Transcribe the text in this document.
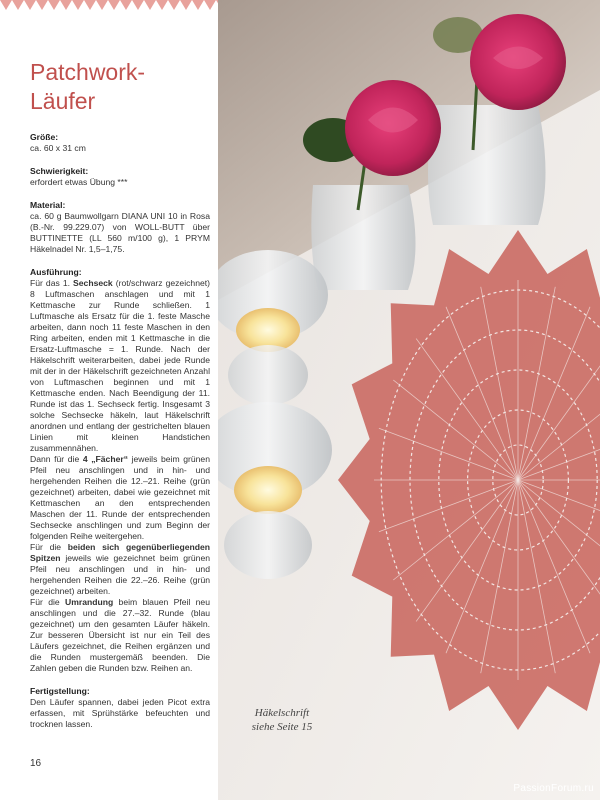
Patchwork-Läufer
Größe:
ca. 60 x 31 cm
Schwierigkeit:
erfordert etwas Übung ***
Material:
ca. 60 g Baumwollgarn DIANA UNI 10 in Rosa (B.-Nr. 99.229.07) von WOLL-BUTT über BUTTINETTE (LL 560 m/100 g), 1 PRYM Häkelnadel Nr. 1,5–1,75.
Ausführung:
Für das 1. Sechseck (rot/schwarz gezeichnet) 8 Luftmaschen anschlagen und mit 1 Kettmasche zur Runde schließen. 1 Luftmasche als Ersatz für die 1. feste Masche arbeiten, dann noch 11 feste Maschen in den Ring arbeiten, enden mit 1 Kettmasche in die Ersatz-Luftmasche = 1. Runde. Nach der Häkelschrift weiterarbeiten, dabei jede Runde mit der in der Häkelschrift gezeichneten Anzahl von Luftmaschen beginnen und mit 1 Kettmasche enden. Nach Beendigung der 11. Runde ist das 1. Sechseck fertig. Insgesamt 3 solche Sechsecke häkeln, laut Häkelschrift anordnen und entlang der gestrichelten blauen Linien mit kleinen Handstichen zusammennähen.
Dann für die 4 „Fächer“ jeweils beim grünen Pfeil neu anschlingen und in hin- und hergehenden Reihen die 12.–21. Reihe (grün gezeichnet) arbeiten, dabei wie gezeichnet mit Kettmaschen an den entsprechenden Maschen der 11. Runde der entsprechenden Sechsecke anschlingen und zum Beginn der folgenden Reihe weitergehen.
Für die beiden sich gegenüberliegenden Spitzen jeweils wie gezeichnet beim grünen Pfeil neu anschlingen und in hin- und hergehenden Reihen die 22.–26. Reihe (grün gezeichnet) arbeiten.
Für die Umrandung beim blauen Pfeil neu anschlingen und die 27.–32. Runde (blau gezeichnet) um den gesamten Läufer häkeln. Zur besseren Übersicht ist nur ein Teil des Läufers gezeichnet, die Reihen ergänzen und die Runden mustergemäß beenden. Die Zahlen geben die Runden bzw. Reihen an.
Fertigstellung:
Den Läufer spannen, dabei jeden Picot extra erfassen, mit Sprühstärke befeuchten und trocknen lassen.
16
Häkelschrift
siehe Seite 15
PassionForum.ru
